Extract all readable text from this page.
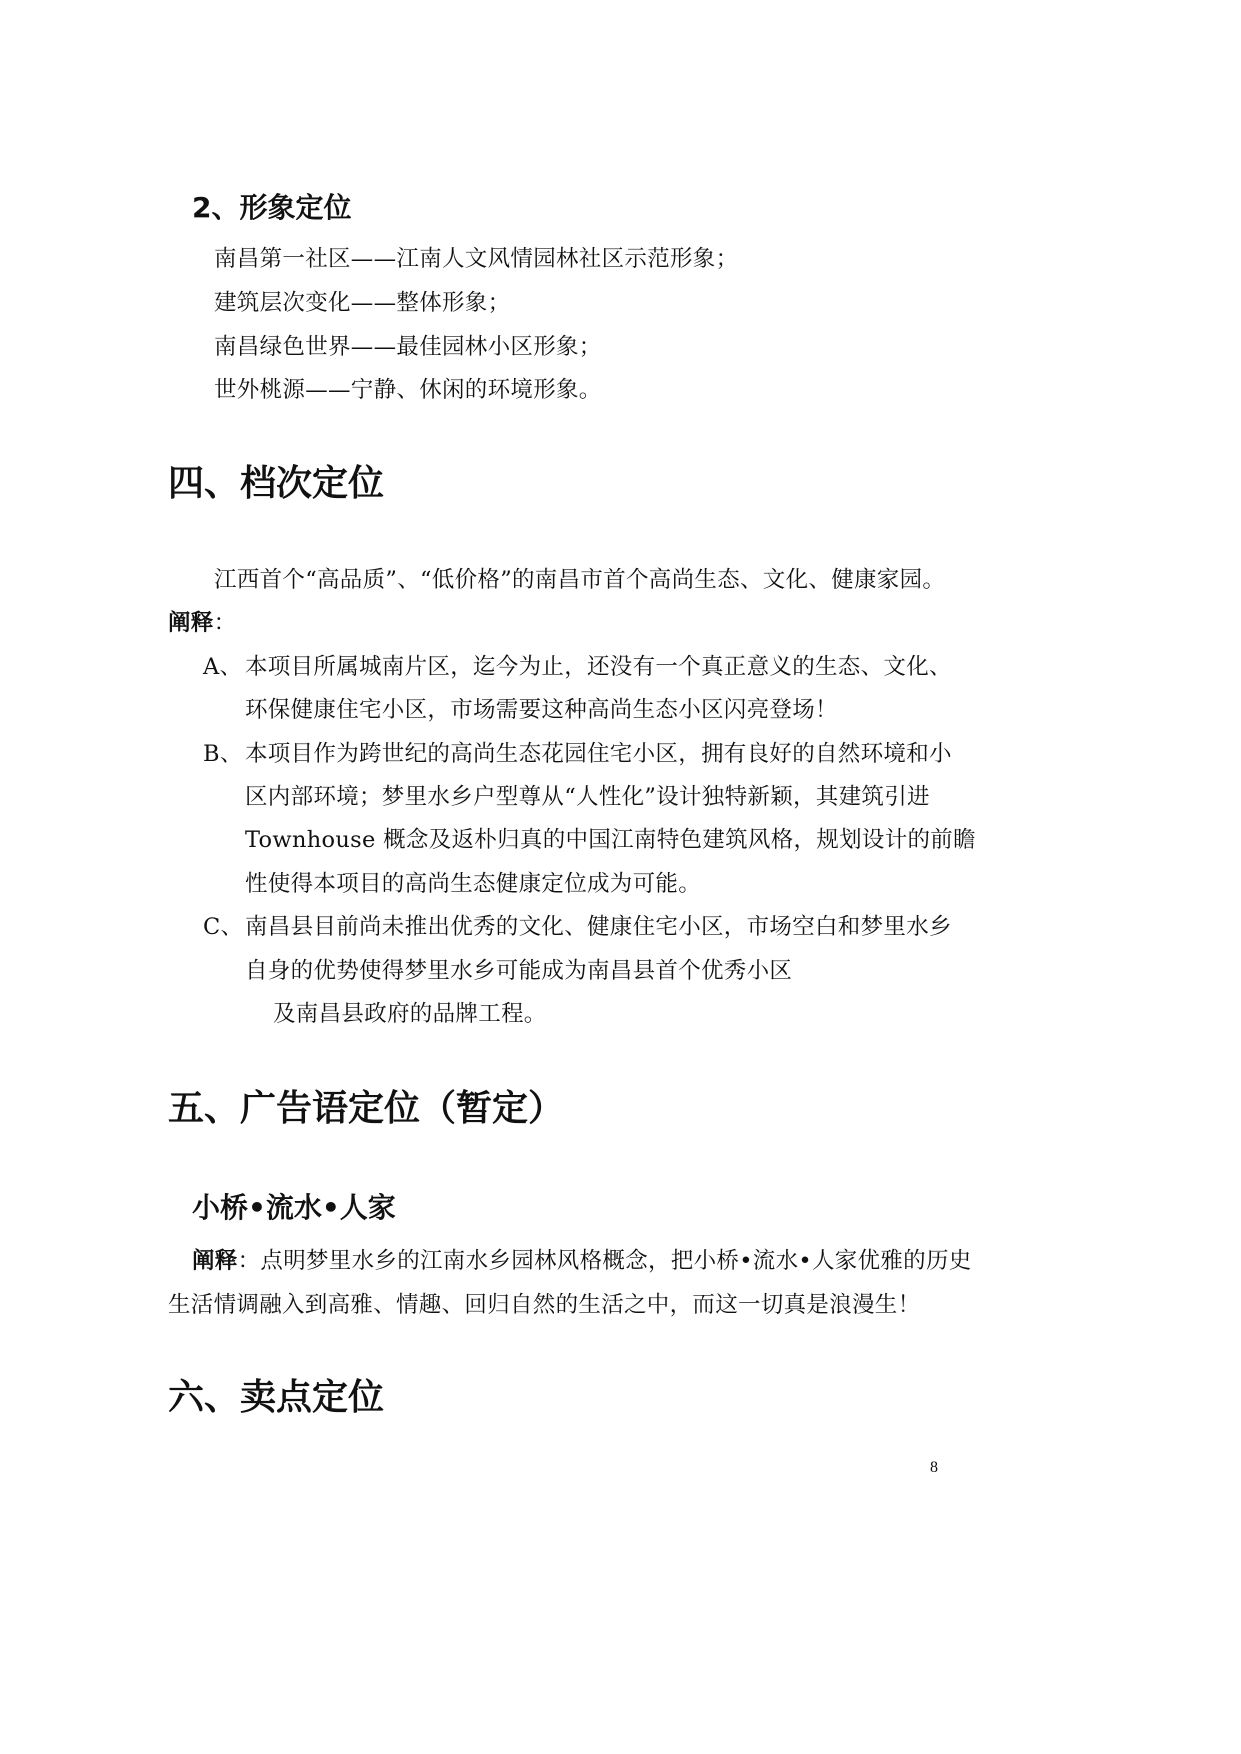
2、形象定位
南昌第一社区——江南人文风情园林社区示范形象；
建筑层次变化——整体形象；
南昌绿色世界——最佳园林小区形象；
世外桃源——宁静、休闲的环境形象。
四、档次定位
江西首个“高品质”、“低价格”的南昌市首个高尚生态、文化、健康家园。
阐释：
A、 本项目所属城南片区，迄今为止，还没有一个真正意义的生态、文化、
环保健康住宅小区，市场需要这种高尚生态小区闪亮登场！
B、 本项目作为跨世纪的高尚生态花园住宅小区，拥有良好的自然环境和小
区内部环境；梦里水乡户型尊从“人性化”设计独特新颖，其建筑引进
Townhouse 概念及返朴归真的中国江南特色建筑风格，规划设计的前瞻
性使得本项目的高尚生态健康定位成为可能。
C、 南昌县目前尚未推出优秀的文化、健康住宅小区，市场空白和梦里水乡
自身的优势使得梦里水乡可能成为南昌县首个优秀小区
及南昌县政府的品牌工程。
五、广告语定位（暂定）
小桥•流水•人家
阐释：点明梦里水乡的江南水乡园林风格概念，把小桥•流水•人家优雅的历史
生活情调融入到高雅、情趣、回归自然的生活之中，而这一切真是浪漫生！
六、卖点定位
8
